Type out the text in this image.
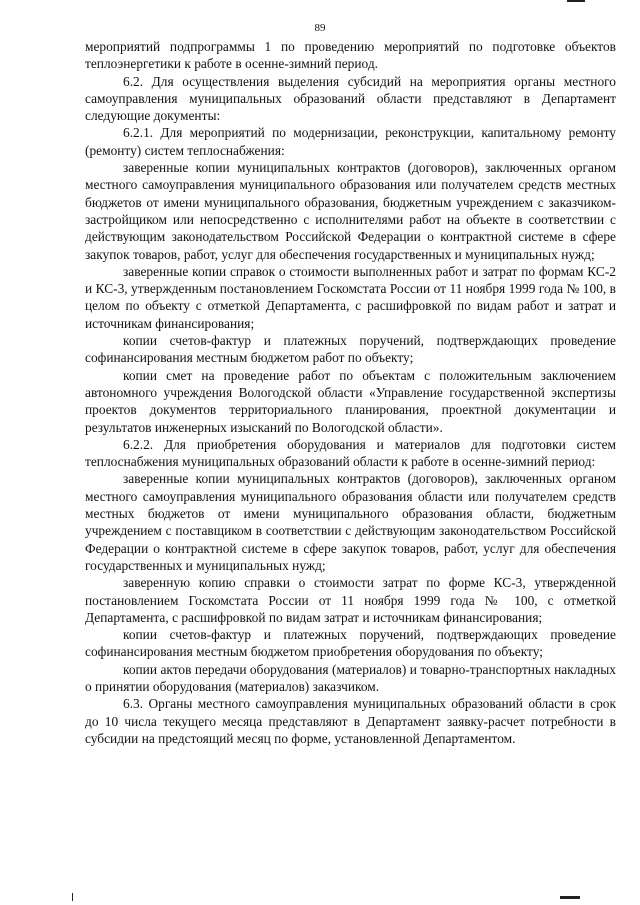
89

мероприятий подпрограммы 1 по проведению мероприятий по подготовке объектов теплоэнергетики к работе в осенне-зимний период.

6.2. Для осуществления выделения субсидий на мероприятия органы местного самоуправления муниципальных образований области представляют в Департамент следующие документы:

6.2.1. Для мероприятий по модернизации, реконструкции, капитальному ремонту (ремонту) систем теплоснабжения:

заверенные копии муниципальных контрактов (договоров), заключенных органом местного самоуправления муниципального образования или получателем средств местных бюджетов от имени муниципального образования, бюджетным учреждением с заказчиком-застройщиком или непосредственно с исполнителями работ на объекте в соответствии с действующим законодательством Российской Федерации о контрактной системе в сфере закупок товаров, работ, услуг для обеспечения государственных и муниципальных нужд;

заверенные копии справок о стоимости выполненных работ и затрат по формам КС-2 и КС-3, утвержденным постановлением Госкомстата России от 11 ноября 1999 года № 100, в целом по объекту с отметкой Департамента, с расшифровкой по видам работ и затрат и источникам финансирования;

копии счетов-фактур и платежных поручений, подтверждающих проведение софинансирования местным бюджетом работ по объекту;

копии смет на проведение работ по объектам с положительным заключением автономного учреждения Вологодской области «Управление государственной экспертизы проектов документов территориального планирования, проектной документации и результатов инженерных изысканий по Вологодской области».

6.2.2. Для приобретения оборудования и материалов для подготовки систем теплоснабжения муниципальных образований области к работе в осенне-зимний период:

заверенные копии муниципальных контрактов (договоров), заключенных органом местного самоуправления муниципального образования области или получателем средств местных бюджетов от имени муниципального образования области, бюджетным учреждением с поставщиком в соответствии с действующим законодательством Российской Федерации о контрактной системе в сфере закупок товаров, работ, услуг для обеспечения государственных и муниципальных нужд;

заверенную копию справки о стоимости затрат по форме КС-3, утвержденной постановлением Госкомстата России от 11 ноября 1999 года № 100, с отметкой Департамента, с расшифровкой по видам затрат и источникам финансирования;

копии счетов-фактур и платежных поручений, подтверждающих проведение софинансирования местным бюджетом приобретения оборудования по объекту;

копии актов передачи оборудования (материалов) и товарно-транспортных накладных о принятии оборудования (материалов) заказчиком.

6.3. Органы местного самоуправления муниципальных образований области в срок до 10 числа текущего месяца представляют в Департамент заявку-расчет потребности в субсидии на предстоящий месяц по форме, установленной Департаментом.
